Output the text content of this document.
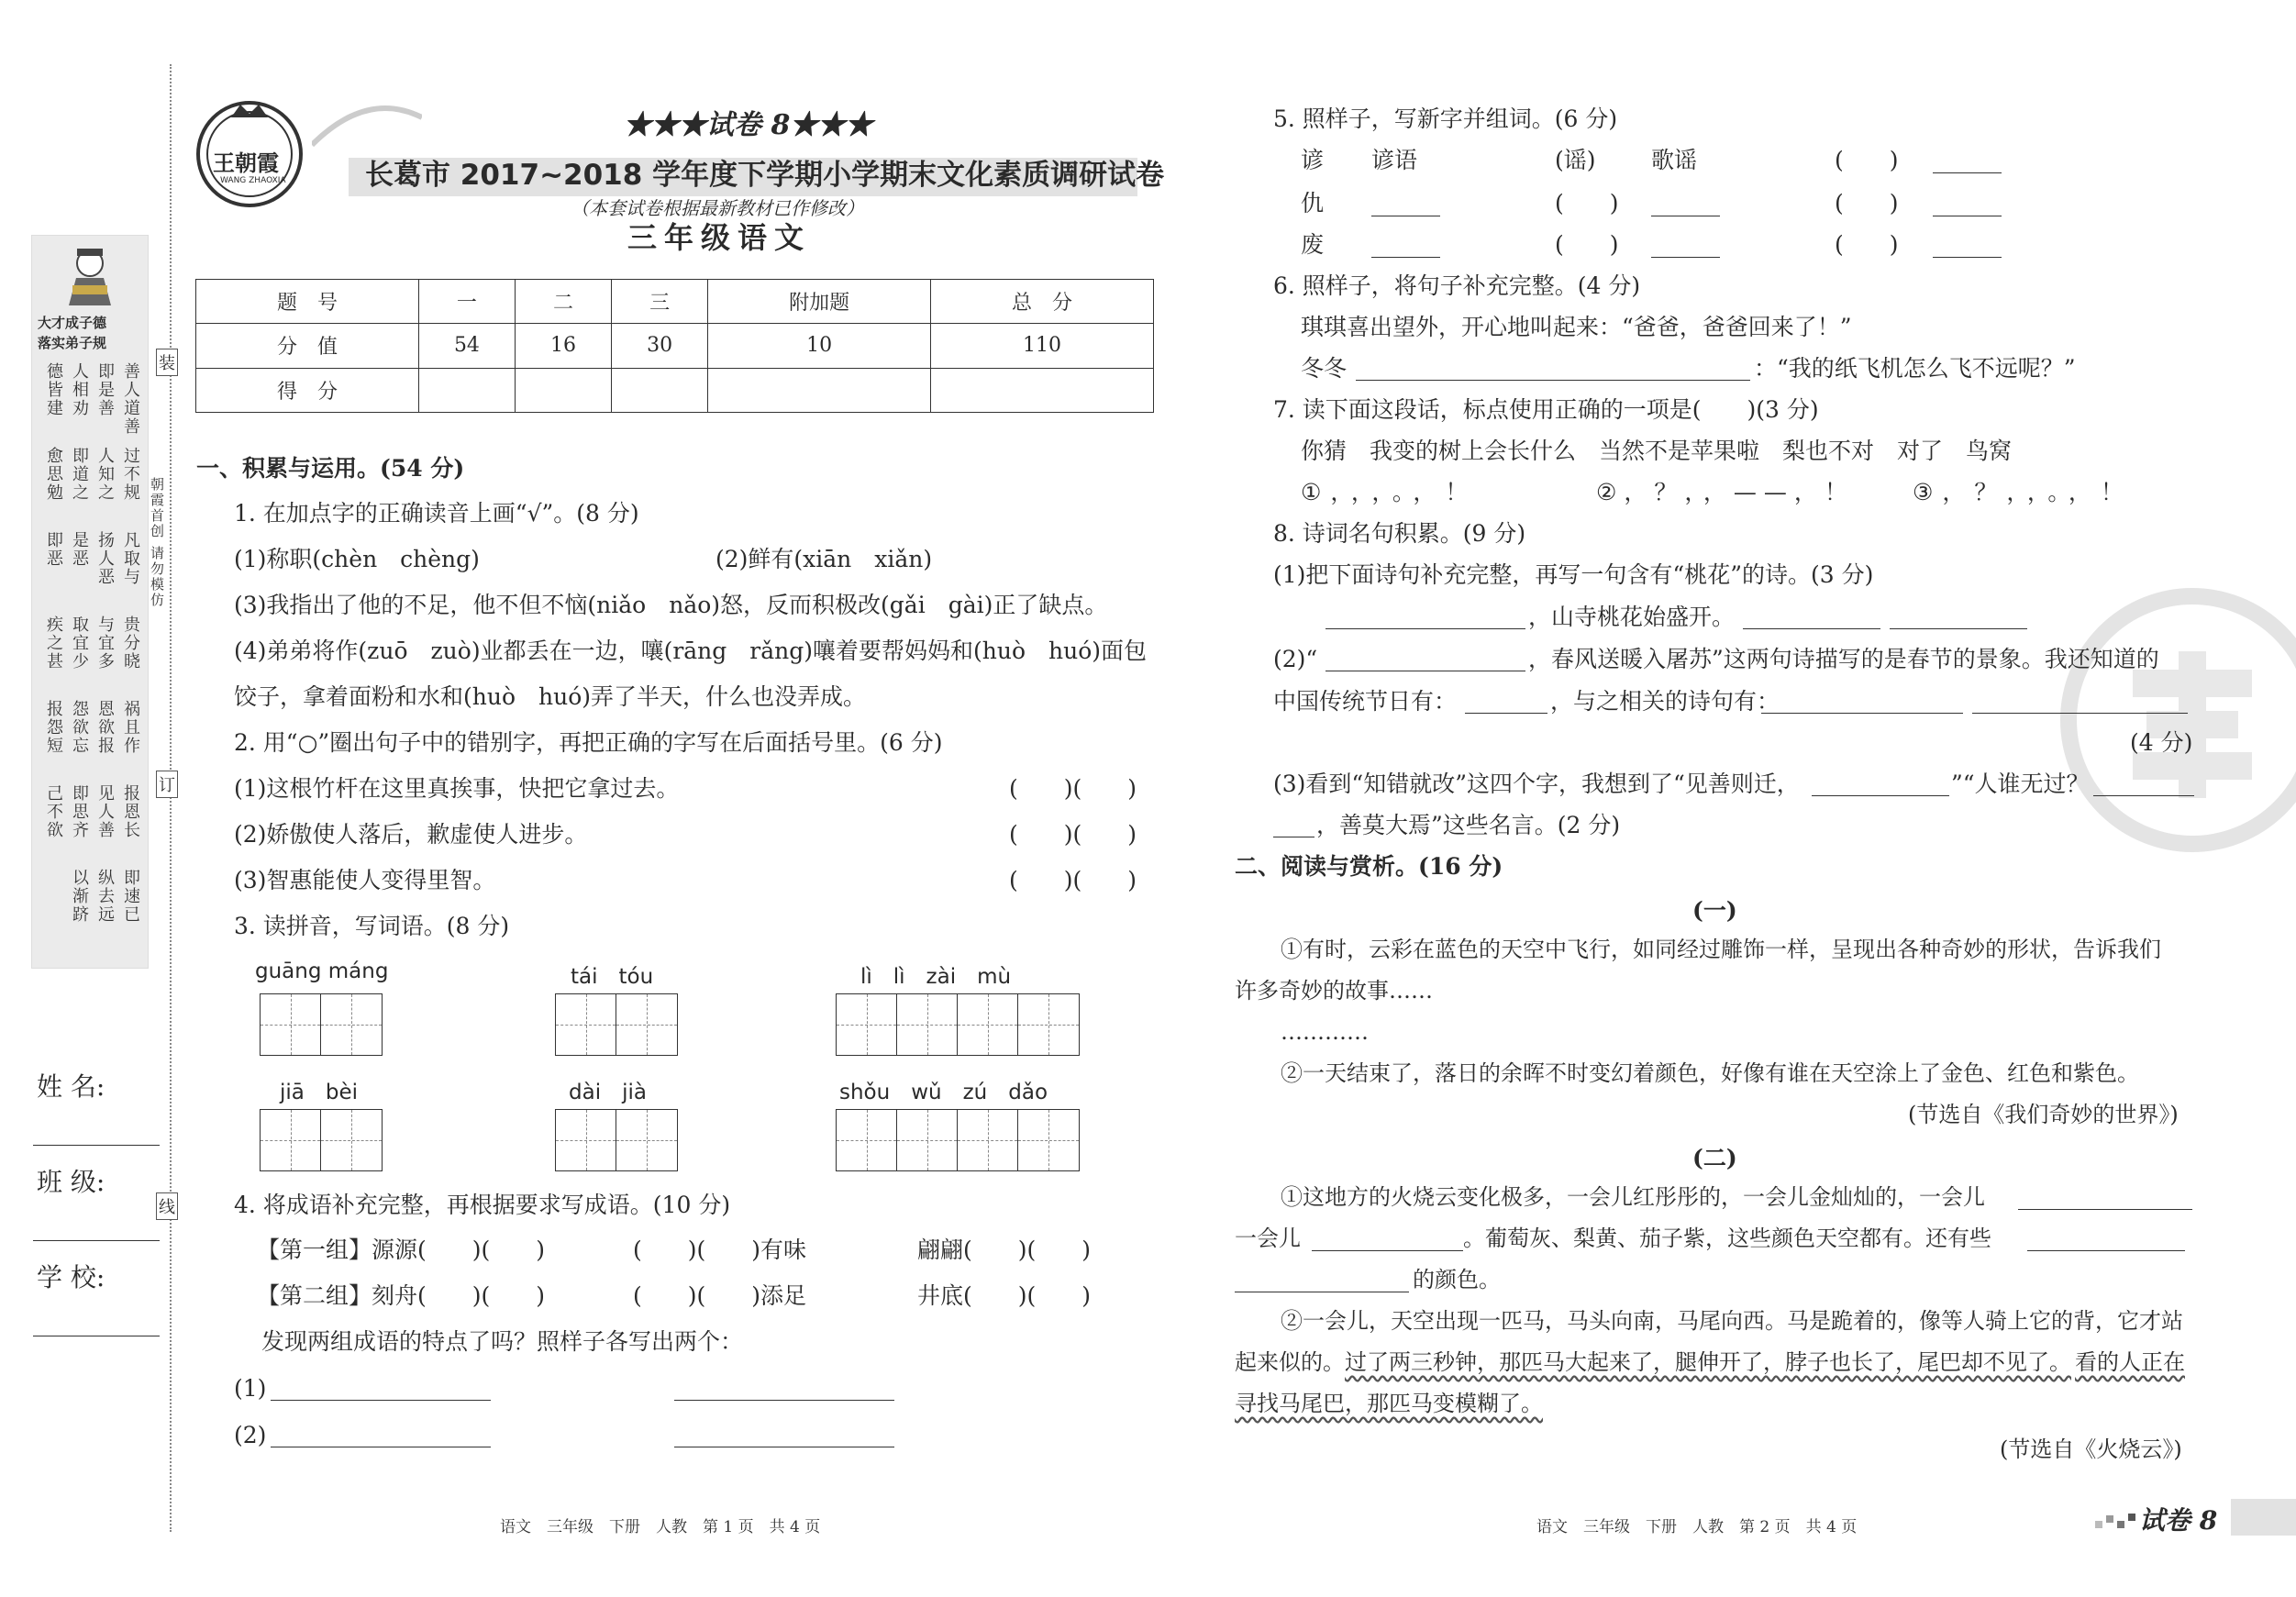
大才成子德
落实弟子规
善人道善
即是善
人相劝
德皆建
过不规
人知之
即道之
愈思勉
凡取与
扬人恶
是恶
即恶
贵分晓
与宜多
取宜少
疾之甚
祸且作
恩欲报
怨欲忘
报怨短
报恩长
见人善
即思齐
己不欲
即速已
纵去远
以渐跻
姓 名:
班 级:
学 校:
装
订
线
朝霞首创 请勿模仿
王朝霞
WANG ZHAOXIA
★★★试卷 8★★★
长葛市 2017~2018 学年度下学期小学期末文化素质调研试卷
（本套试卷根据最新教材已作修改）
三年级语文
题　号	一	二	三	附加题	总　分
分　值	54	16	30	10	110
得　分					
一、积累与运用。(54 分)
1. 在加点字的正确读音上画“√”。(8 分)
(1)称职(chèn　chèng)	(2)鲜有(xiān　xiǎn)
(3)我指出了他的不足，他不但不恼(niǎo　nǎo)怒，反而积极改(gǎi　gài)正了缺点。
(4)弟弟将作(zuō　zuò)业都丢在一边，嚷(rāng　rǎng)嚷着要帮妈妈和(huò　huó)面包
饺子，拿着面粉和水和(huò　huó)弄了半天，什么也没弄成。
2. 用“○”圈出句子中的错别字，再把正确的字写在后面括号里。(6 分)
(1)这根竹杆在这里真挨事，快把它拿过去。	(　　)(　　)
(2)娇傲使人落后，歉虚使人进步。	(　　)(　　)
(3)智惠能使人变得里智。	(　　)(　　)
3. 读拼音，写词语。(8 分)
guāng máng	tái　tóu	lì　lì　zài　mù
jiā　bèi	dài　jià	shǒu　wǔ　zú　dǎo
4. 将成语补充完整，再根据要求写成语。(10 分)
【第一组】源源(　　)(　　)	(　　)(　　)有味	翩翩(　　)(　　)
【第二组】刻舟(　　)(　　)	(　　)(　　)添足	井底(　　)(　　)
发现两组成语的特点了吗？照样子各写出两个：
(1)
(2)
语文　三年级　下册　人教　第 1 页　共 4 页
5. 照样子，写新字并组词。(6 分)
谚 谚语	(谣) 歌谣	(　　)
仇	(　　)	(　　)
废	(　　)	(　　)
6. 照样子，将句子补充完整。(4 分)
琪琪喜出望外，开心地叫起来：“爸爸，爸爸回来了！”
冬冬	：“我的纸飞机怎么飞不远呢？”
7. 读下面这段话，标点使用正确的一项是(　　)(3 分)
你猜　我变的树上会长什么　当然不是苹果啦　梨也不对　对了　鸟窝
①，，，。，！	②，？，，——，！	③，？，，。，！
8. 诗词名句积累。(9 分)
(1)把下面诗句补充完整，再写一句含有“桃花”的诗。(3 分)
，山寺桃花始盛开。
(2)“	，春风送暖入屠苏”这两句诗描写的是春节的景象。我还知道的
中国传统节日有：	，与之相关的诗句有：
(4 分)
(3)看到“知错就改”这四个字，我想到了“见善则迁，	”“人谁无过？
，善莫大焉”这些名言。(2 分)
二、阅读与赏析。(16 分)
(一)
①有时，云彩在蓝色的天空中飞行，如同经过雕饰一样，呈现出各种奇妙的形状，告诉我们
许多奇妙的故事……
…………
②一天结束了，落日的余晖不时变幻着颜色，好像有谁在天空涂上了金色、红色和紫色。
(节选自《我们奇妙的世界》)
(二)
①这地方的火烧云变化极多，一会儿红彤彤的，一会儿金灿灿的，一会儿
一会儿	。葡萄灰、梨黄、茄子紫，这些颜色天空都有。还有些
的颜色。
②一会儿，天空出现一匹马，马头向南，马尾向西。马是跪着的，像等人骑上它的背，它才站
起来似的。 过了两三秒钟，那匹马大起来了，腿伸开了，脖子也长了，尾巴却不见了。 看的人正在
寻找马尾巴，那匹马变模糊了。
(节选自《火烧云》)
语文　三年级　下册　人教　第 2 页　共 4 页	试卷 8
